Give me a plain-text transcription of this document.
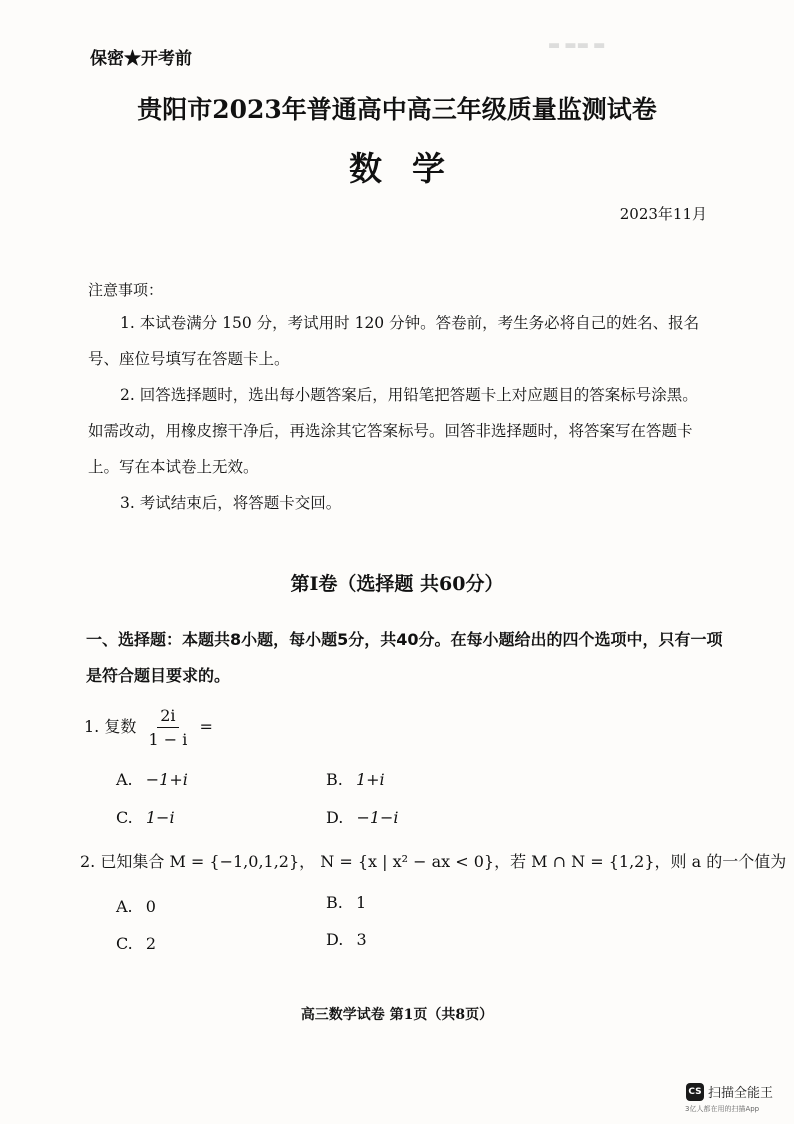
▬ ▬▬ ▬
保密★开考前
贵阳市2023年普通高中高三年级质量监测试卷
数学
2023年11月
注意事项：
1. 本试卷满分 150 分，考试用时 120 分钟。答卷前，考生务必将自己的姓名、报名号、座位号填写在答题卡上。
2. 回答选择题时，选出每小题答案后，用铅笔把答题卡上对应题目的答案标号涂黑。如需改动，用橡皮擦干净后，再选涂其它答案标号。回答非选择题时，将答案写在答题卡上。写在本试卷上无效。
3. 考试结束后，将答题卡交回。
第Ⅰ卷（选择题 共60分）
一、选择题：本题共8小题，每小题5分，共40分。在每小题给出的四个选项中，只有一项是符合题目要求的。
1. 复数 $\frac{2i}{1 - i}$ =
A. −1+i	B. 1+i
C. 1−i	D. −1−i
2. 已知集合 M = {−1,0,1,2}， N = {x | x² − ax < 0}，若 M ∩ N = {1,2}，则 a 的一个值为
A. 0	B. 1
C. 2	D. 3
高三数学试卷 第1页（共8页）
CS 扫描全能王
3亿人都在用的扫描App
